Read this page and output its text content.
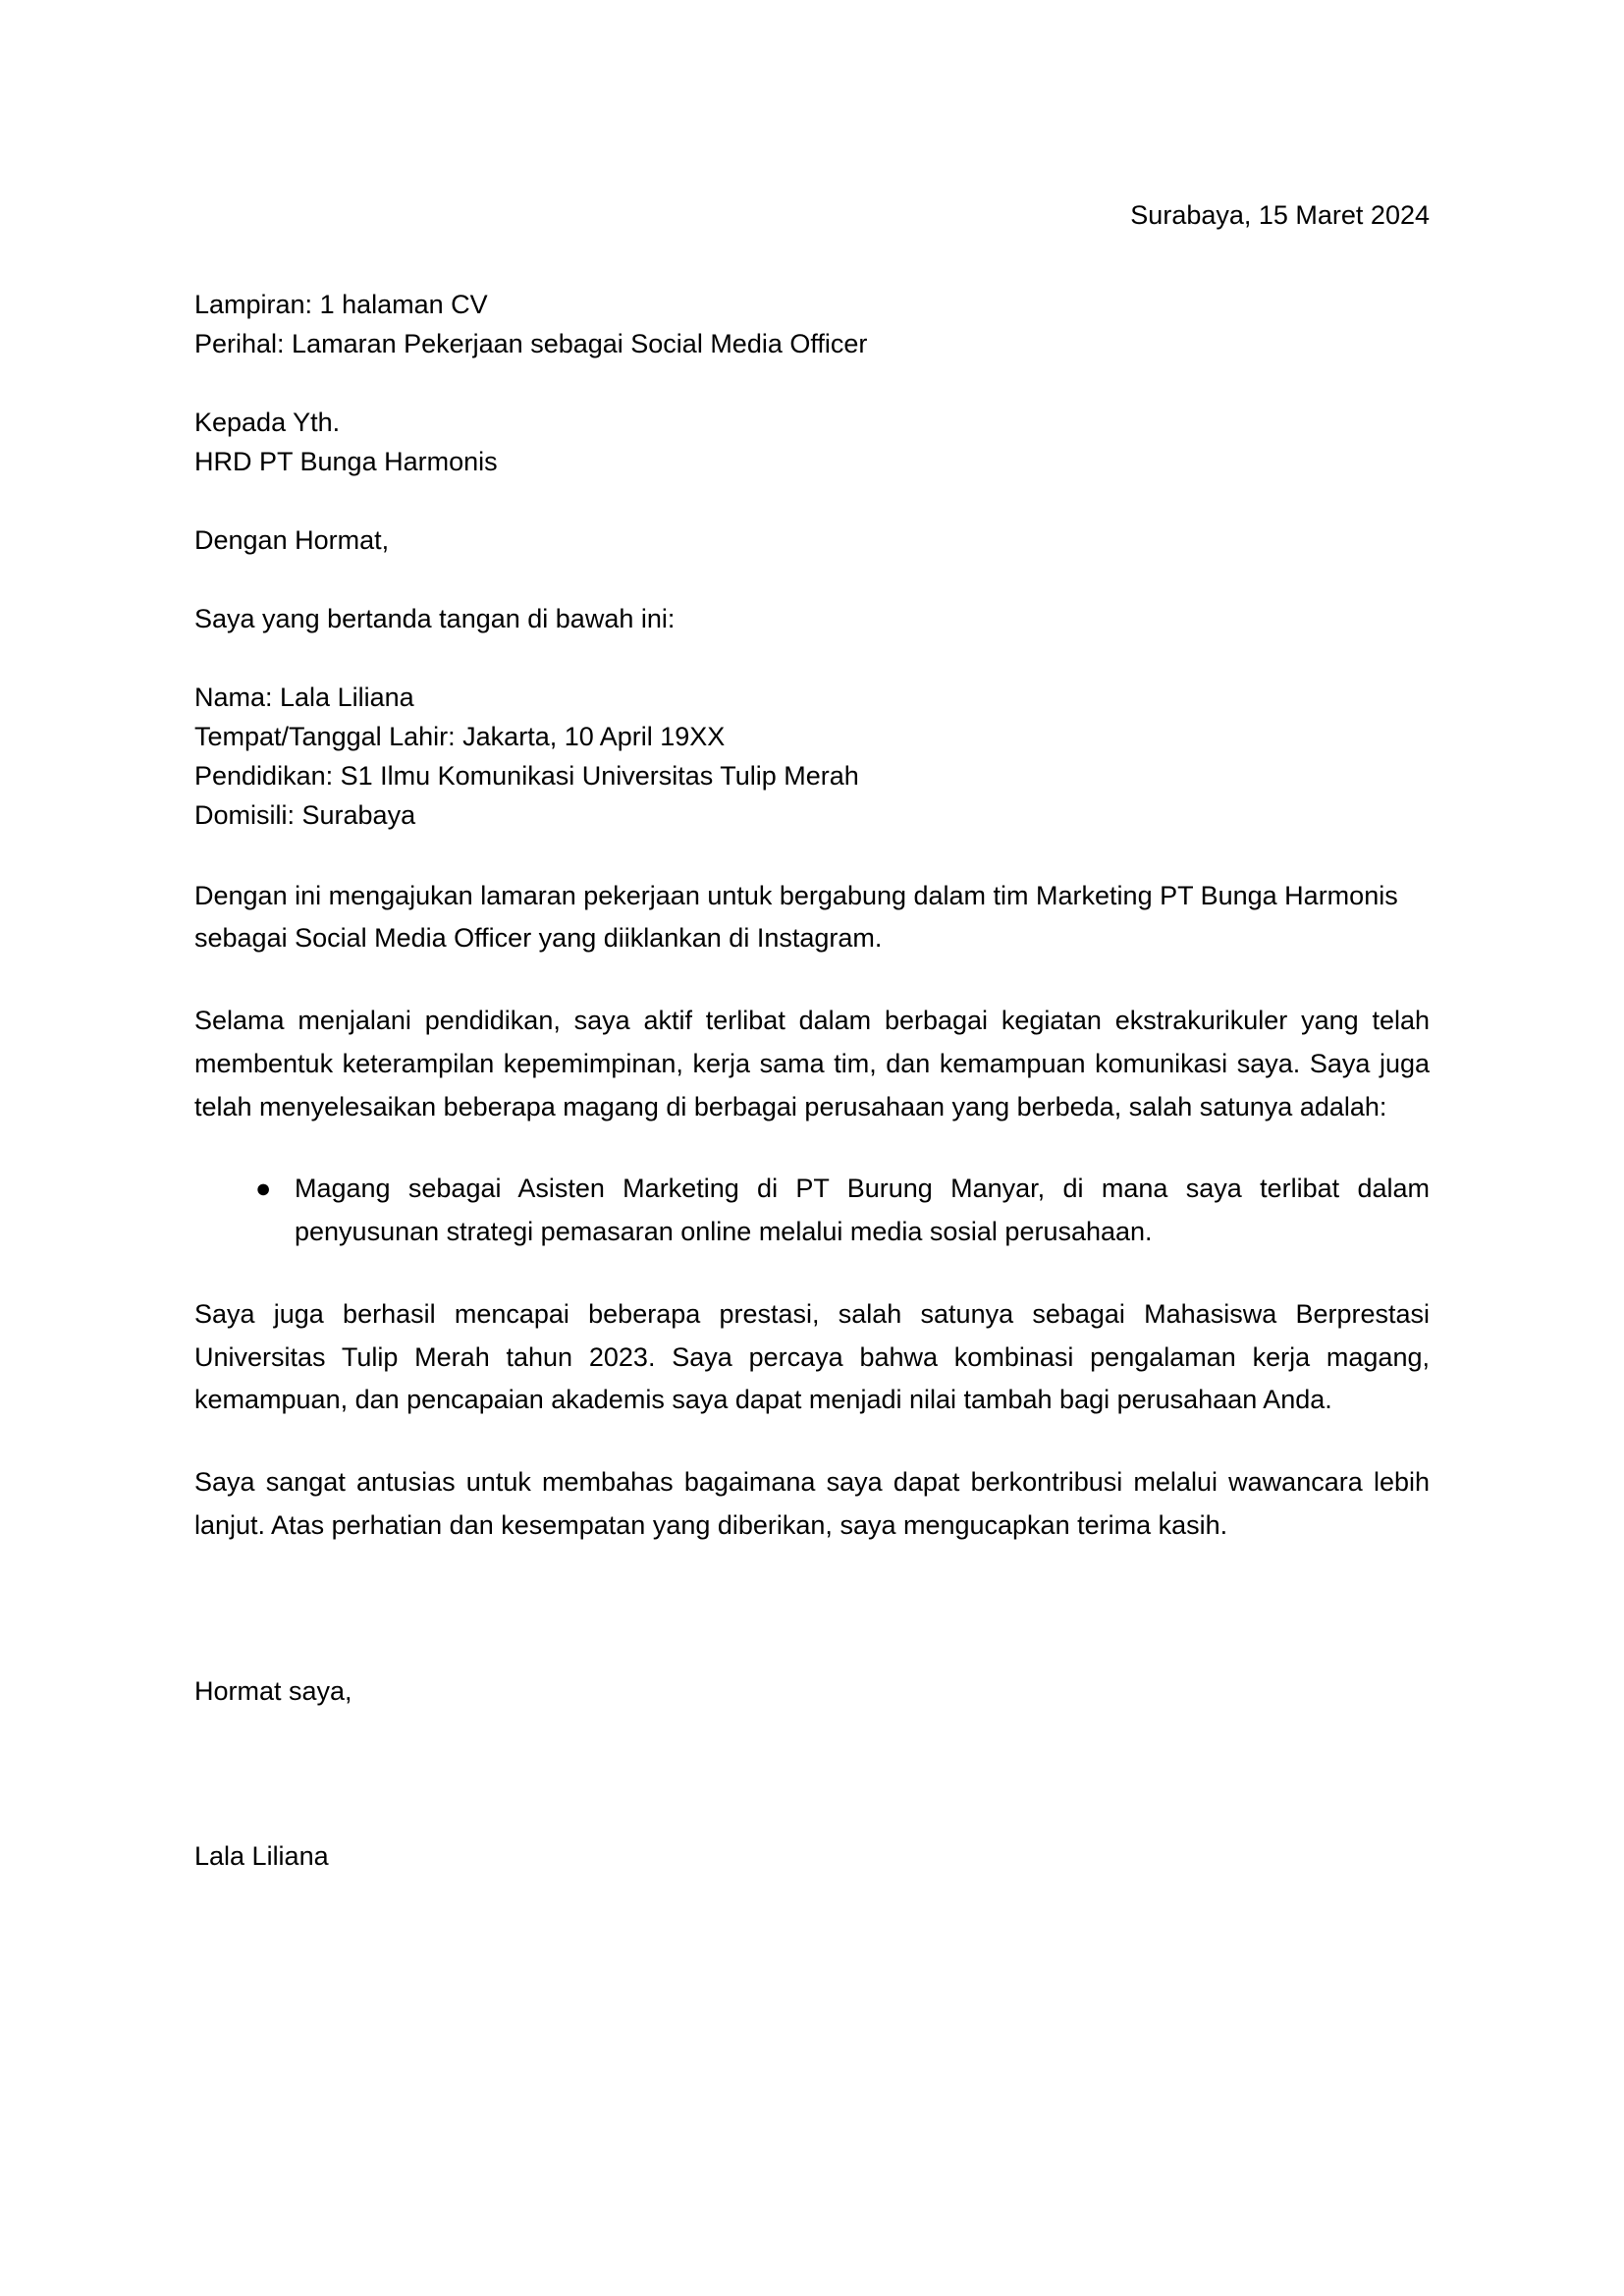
Surabaya, 15 Maret 2024
Lampiran: 1 halaman CV
Perihal: Lamaran Pekerjaan sebagai Social Media Officer
Kepada Yth.
HRD PT Bunga Harmonis
Dengan Hormat,
Saya yang bertanda tangan di bawah ini:
Nama: Lala Liliana
Tempat/Tanggal Lahir: Jakarta, 10 April 19XX
Pendidikan: S1 Ilmu Komunikasi Universitas Tulip Merah
Domisili: Surabaya

Dengan ini mengajukan lamaran pekerjaan untuk bergabung dalam tim Marketing PT Bunga Harmonis sebagai Social Media Officer yang diiklankan di Instagram.

Selama menjalani pendidikan, saya aktif terlibat dalam berbagai kegiatan ekstrakurikuler yang telah membentuk keterampilan kepemimpinan, kerja sama tim, dan kemampuan komunikasi saya. Saya juga telah menyelesaikan beberapa magang di berbagai perusahaan yang berbeda, salah satunya adalah:

● Magang sebagai Asisten Marketing di PT Burung Manyar, di mana saya terlibat dalam penyusunan strategi pemasaran online melalui media sosial perusahaan.

Saya juga berhasil mencapai beberapa prestasi, salah satunya sebagai Mahasiswa Berprestasi Universitas Tulip Merah tahun 2023. Saya percaya bahwa kombinasi pengalaman kerja magang, kemampuan, dan pencapaian akademis saya dapat menjadi nilai tambah bagi perusahaan Anda.

Saya sangat antusias untuk membahas bagaimana saya dapat berkontribusi melalui wawancara lebih lanjut. Atas perhatian dan kesempatan yang diberikan, saya mengucapkan terima kasih.

Hormat saya,
Lala Liliana
